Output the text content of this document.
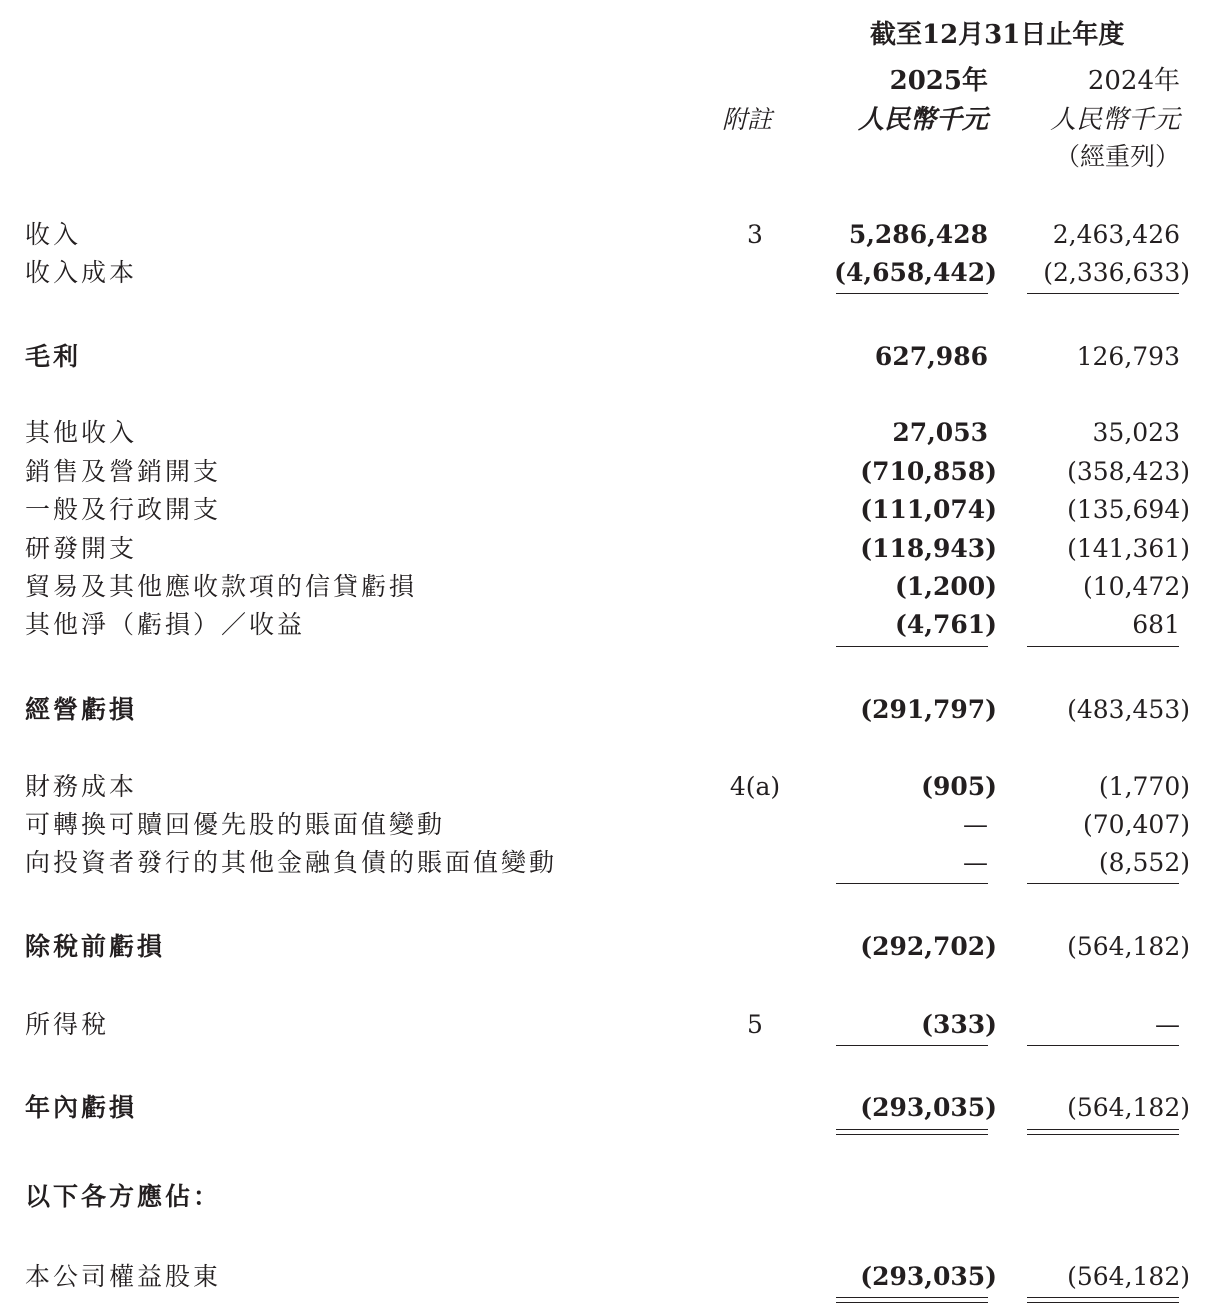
截至12月31日止年度
2025年	2024年
附註	人民幣千元 人民幣千元
（經重列）
收入	3	5,286,428	2,463,426
收入成本	(4,658,442) (2,336,633)
毛利	627,986	126,793
其他收入	27,053	35,023
銷售及營銷開支	(710,858)	(358,423)
一般及行政開支	(111,074)	(135,694)
研發開支	(118,943)	(141,361)
貿易及其他應收款項的信貸虧損	(1,200)	(10,472)
其他淨（虧損）／收益	(4,761)	681
經營虧損	(291,797)	(483,453)
財務成本	4(a)	(905)	(1,770)
可轉換可贖回優先股的賬面值變動	—	(70,407)
向投資者發行的其他金融負債的賬面值變動	—	(8,552)
除稅前虧損	(292,702)	(564,182)
所得稅	5	(333)	—
年內虧損	(293,035)	(564,182)
以下各方應佔：
本公司權益股東	(293,035)	(564,182)
